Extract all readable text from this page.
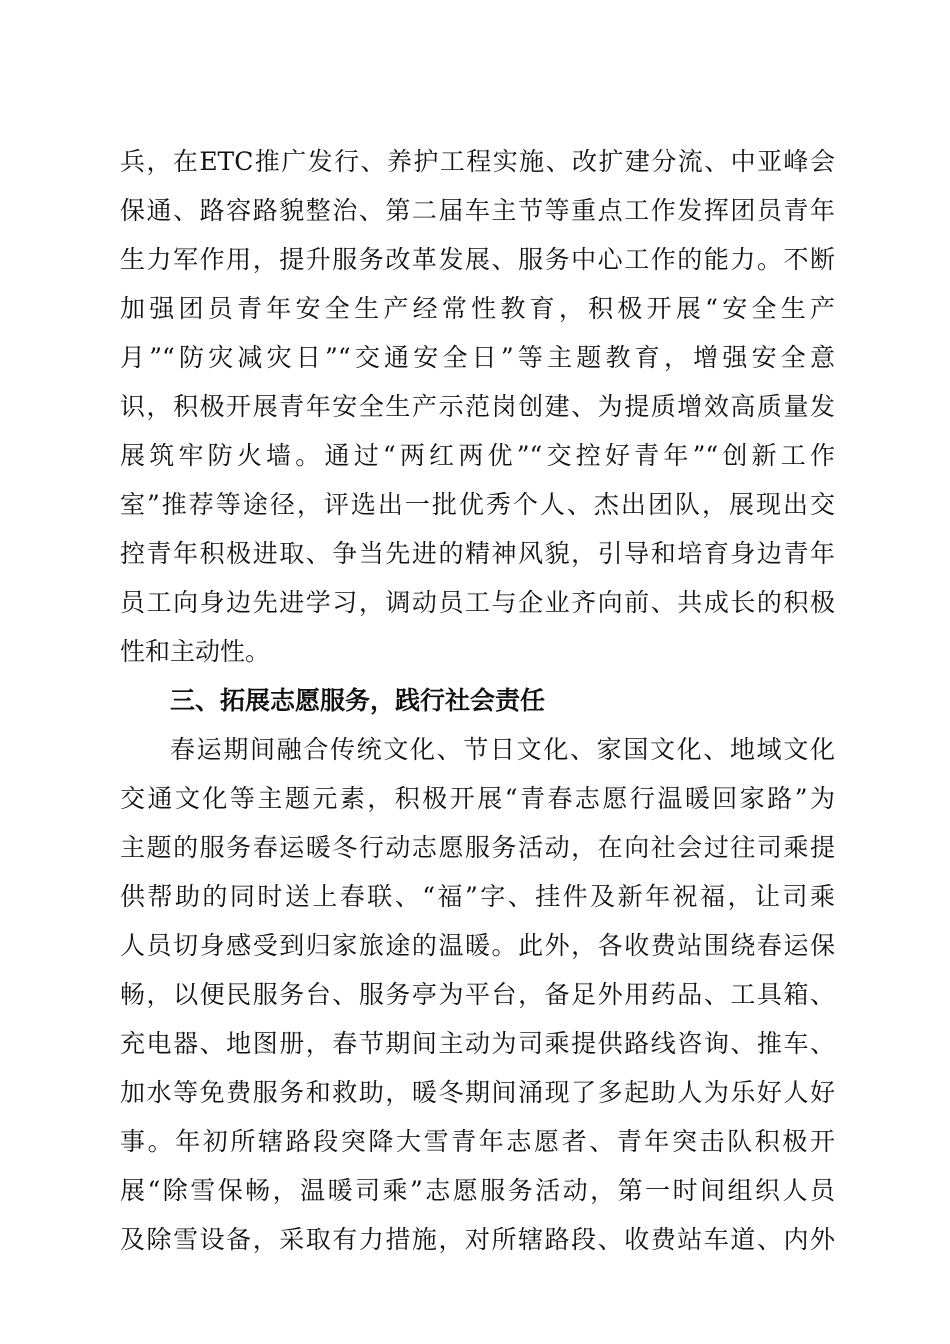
兵，在ETC推广发行、养护工程实施、改扩建分流、中亚峰会
保通、路容路貌整治、第二届车主节等重点工作发挥团员青年
生力军作用，提升服务改革发展、服务中心工作的能力。不断
加强团员青年安全生产经常性教育，积极开展“安全生产
月”“防灾减灾日”“交通安全日”等主题教育，增强安全意
识，积极开展青年安全生产示范岗创建、为提质增效高质量发
展筑牢防火墙。通过“两红两优”“交控好青年”“创新工作
室”推荐等途径，评选出一批优秀个人、杰出团队，展现出交
控青年积极进取、争当先进的精神风貌，引导和培育身边青年
员工向身边先进学习，调动员工与企业齐向前、共成长的积极
性和主动性。
三、拓展志愿服务，践行社会责任
春运期间融合传统文化、节日文化、家国文化、地域文化
交通文化等主题元素，积极开展“青春志愿行温暖回家路”为
主题的服务春运暖冬行动志愿服务活动，在向社会过往司乘提
供帮助的同时送上春联、“福”字、挂件及新年祝福，让司乘
人员切身感受到归家旅途的温暖。此外，各收费站围绕春运保
畅，以便民服务台、服务亭为平台，备足外用药品、工具箱、
充电器、地图册，春节期间主动为司乘提供路线咨询、推车、
加水等免费服务和救助，暖冬期间涌现了多起助人为乐好人好
事。年初所辖路段突降大雪青年志愿者、青年突击队积极开
展“除雪保畅，温暖司乘”志愿服务活动，第一时间组织人员
及除雪设备，采取有力措施，对所辖路段、收费站车道、内外
